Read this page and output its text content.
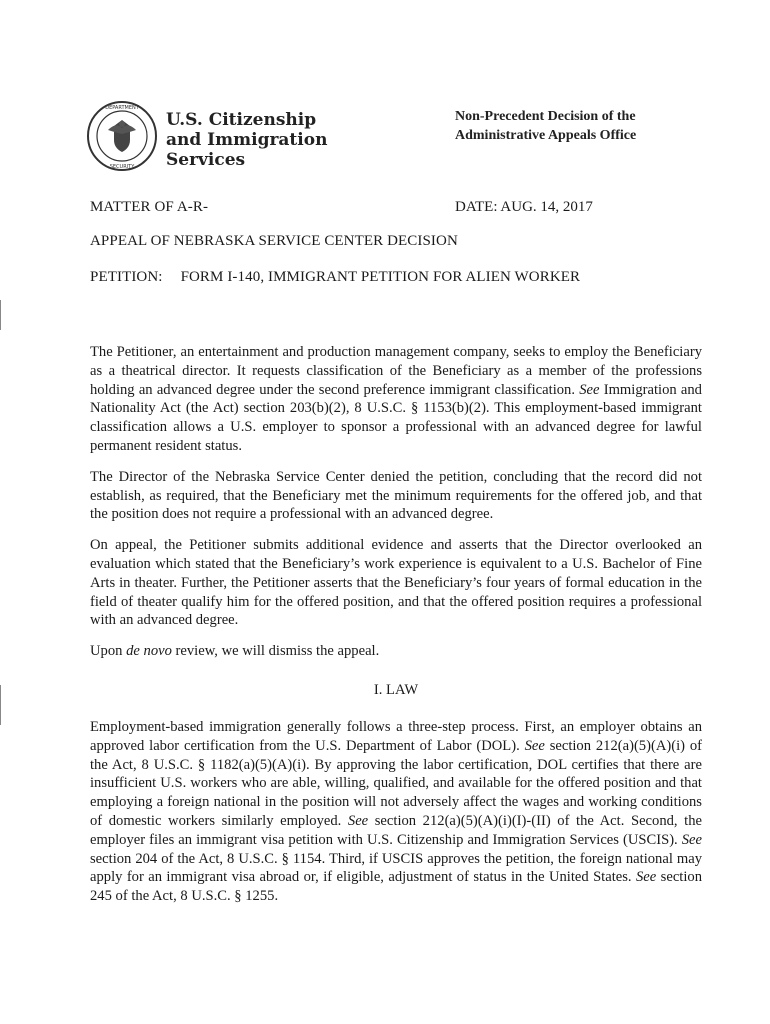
DEPARTMENT
SECURITY
U.S. Citizenship
and Immigration
Services
Non-Precedent Decision of the
Administrative Appeals Office
MATTER OF A-R-	DATE: AUG. 14, 2017
APPEAL OF NEBRASKA SERVICE CENTER DECISION
PETITION: FORM I-140, IMMIGRANT PETITION FOR ALIEN WORKER

The Petitioner, an entertainment and production management company, seeks to employ the Beneficiary as a theatrical director. It requests classification of the Beneficiary as a member of the professions holding an advanced degree under the second preference immigrant classification. See Immigration and Nationality Act (the Act) section 203(b)(2), 8 U.S.C. § 1153(b)(2). This employment-based immigrant classification allows a U.S. employer to sponsor a professional with an advanced degree for lawful permanent resident status.

The Director of the Nebraska Service Center denied the petition, concluding that the record did not establish, as required, that the Beneficiary met the minimum requirements for the offered job, and that the position does not require a professional with an advanced degree.

On appeal, the Petitioner submits additional evidence and asserts that the Director overlooked an evaluation which stated that the Beneficiary’s work experience is equivalent to a U.S. Bachelor of Fine Arts in theater. Further, the Petitioner asserts that the Beneficiary’s four years of formal education in the field of theater qualify him for the offered position, and that the offered position requires a professional with an advanced degree.

Upon de novo review, we will dismiss the appeal.

I. LAW

Employment-based immigration generally follows a three-step process. First, an employer obtains an approved labor certification from the U.S. Department of Labor (DOL). See section 212(a)(5)(A)(i) of the Act, 8 U.S.C. § 1182(a)(5)(A)(i). By approving the labor certification, DOL certifies that there are insufficient U.S. workers who are able, willing, qualified, and available for the offered position and that employing a foreign national in the position will not adversely affect the wages and working conditions of domestic workers similarly employed. See section 212(a)(5)(A)(i)(I)-(II) of the Act. Second, the employer files an immigrant visa petition with U.S. Citizenship and Immigration Services (USCIS). See section 204 of the Act, 8 U.S.C. § 1154. Third, if USCIS approves the petition, the foreign national may apply for an immigrant visa abroad or, if eligible, adjustment of status in the United States. See section 245 of the Act, 8 U.S.C. § 1255.
